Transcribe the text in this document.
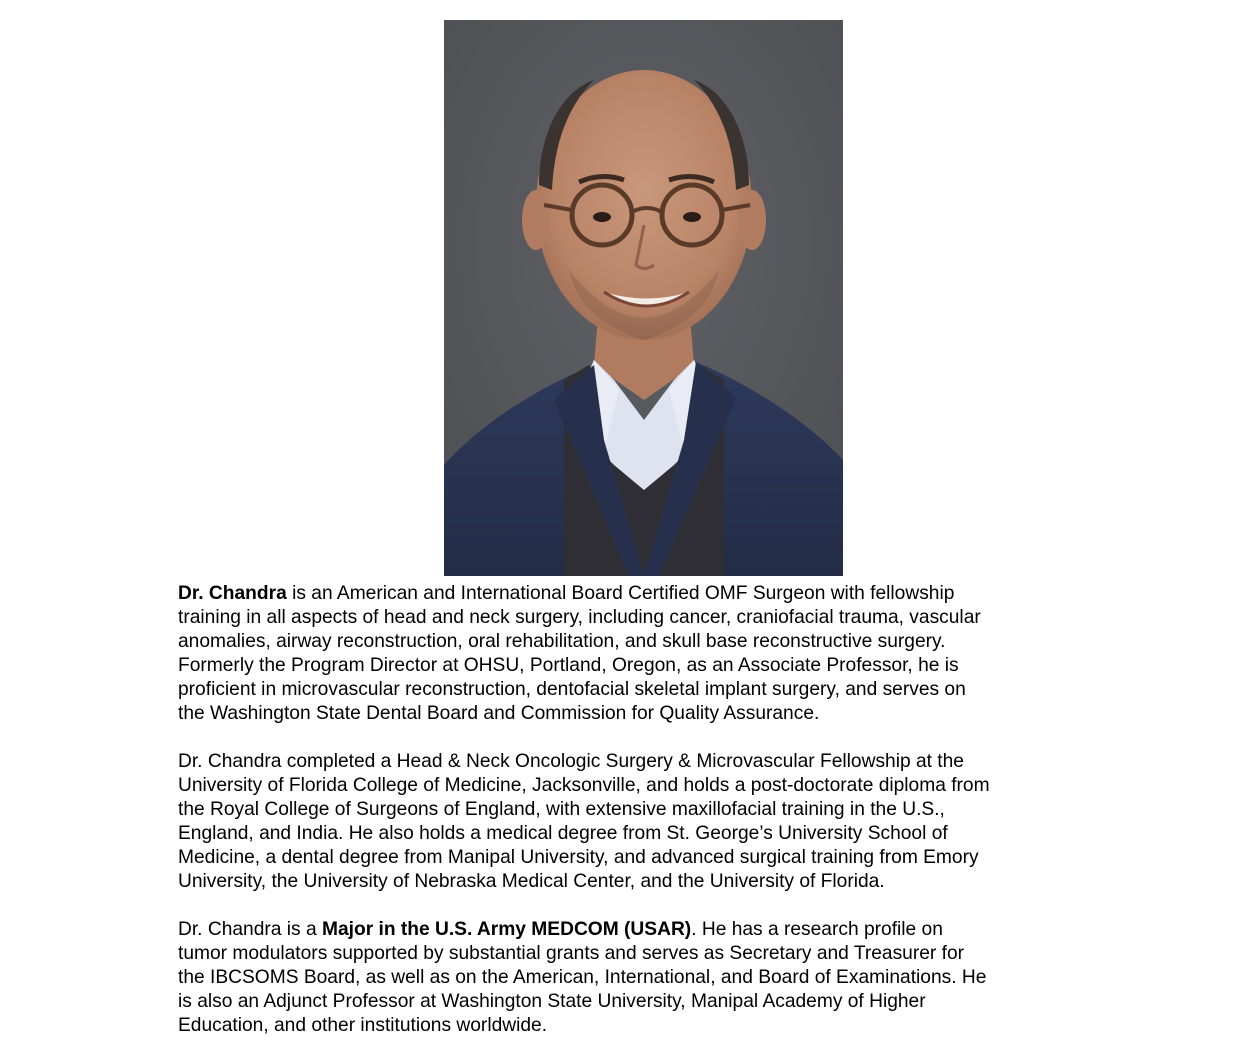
Dr. Chandra is an American and International Board Certified OMF Surgeon with fellowship
training in all aspects of head and neck surgery, including cancer, craniofacial trauma, vascular
anomalies, airway reconstruction, oral rehabilitation, and skull base reconstructive surgery.
Formerly the Program Director at OHSU, Portland, Oregon, as an Associate Professor, he is
proficient in microvascular reconstruction, dentofacial skeletal implant surgery, and serves on
the Washington State Dental Board and Commission for Quality Assurance.

Dr. Chandra completed a Head & Neck Oncologic Surgery & Microvascular Fellowship at the
University of Florida College of Medicine, Jacksonville, and holds a post-doctorate diploma from
the Royal College of Surgeons of England, with extensive maxillofacial training in the U.S.,
England, and India. He also holds a medical degree from St. George’s University School of
Medicine, a dental degree from Manipal University, and advanced surgical training from Emory
University, the University of Nebraska Medical Center, and the University of Florida.

Dr. Chandra is a Major in the U.S. Army MEDCOM (USAR). He has a research profile on
tumor modulators supported by substantial grants and serves as Secretary and Treasurer for
the IBCSOMS Board, as well as on the American, International, and Board of Examinations. He
is also an Adjunct Professor at Washington State University, Manipal Academy of Higher
Education, and other institutions worldwide.
